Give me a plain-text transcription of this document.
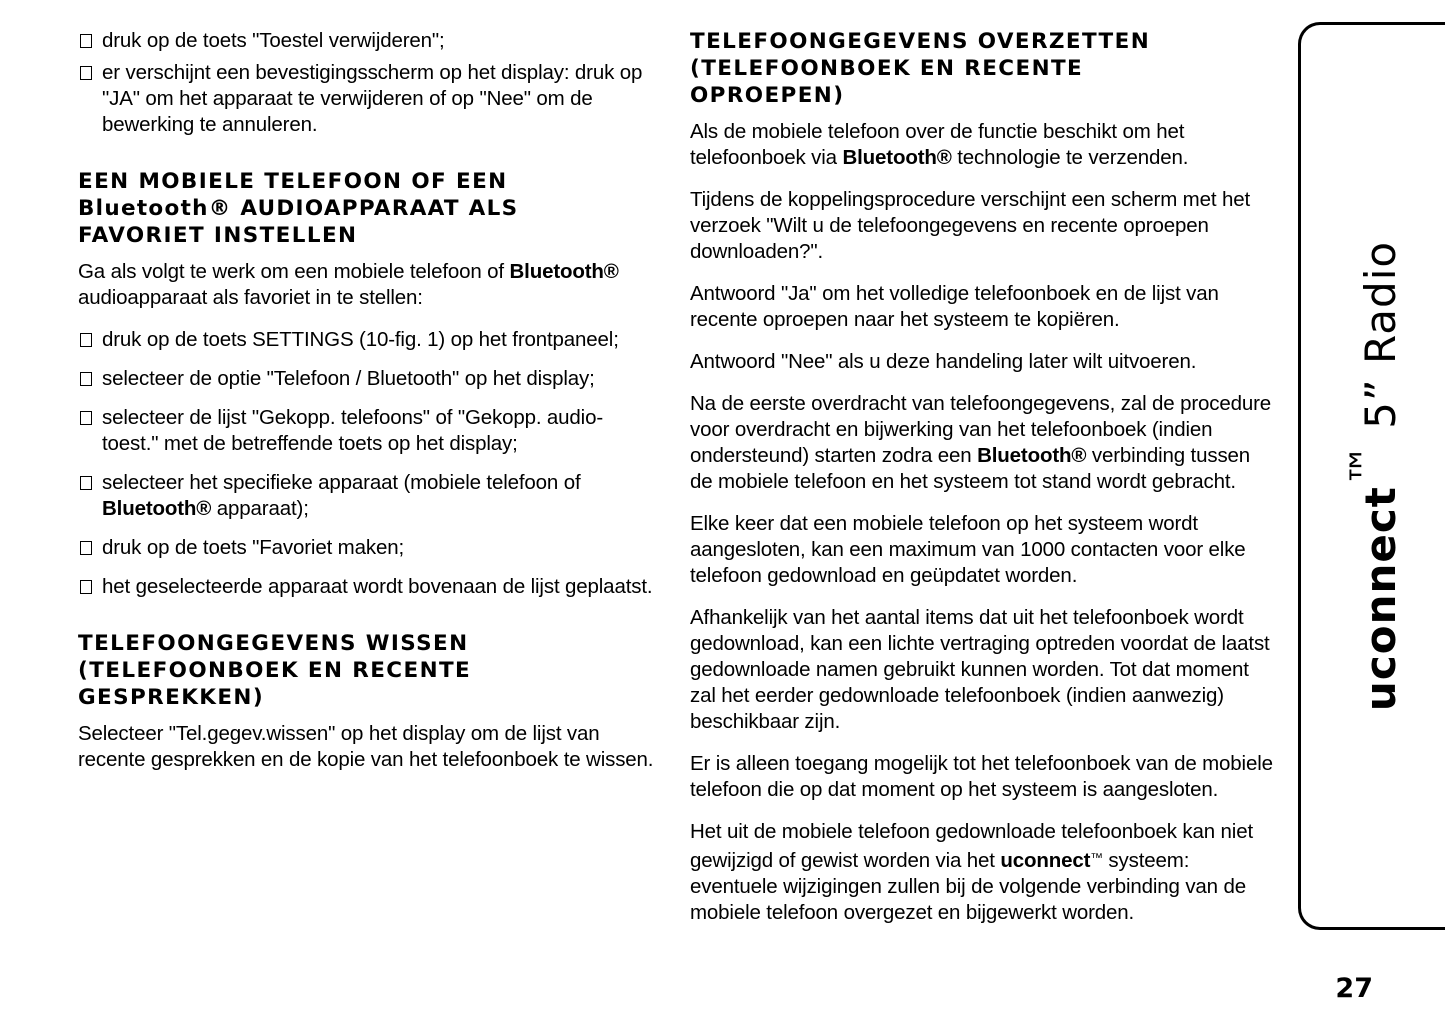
druk op de toets "Toestel verwijderen";
er verschijnt een bevestigingsscherm op het display: druk op "JA" om het apparaat te verwijderen of op "Nee" om de bewerking te annuleren.
EEN MOBIELE TELEFOON OF EEN
Bluetooth® AUDIOAPPARAAT ALS
FAVORIET INSTELLEN

Ga als volgt te werk om een mobiele telefoon of Bluetooth® audioapparaat als favoriet in te stellen:

druk op de toets SETTINGS (10-fig. 1) op het frontpaneel;
selecteer de optie "Telefoon / Bluetooth" op het display;
selecteer de lijst "Gekopp. telefoons" of "Gekopp. audio-toest." met de betreffende toets op het display;
selecteer het specifieke apparaat (mobiele telefoon of Bluetooth® apparaat);
druk op de toets "Favoriet maken;
het geselecteerde apparaat wordt bovenaan de lijst geplaatst.
TELEFOONGEGEVENS WISSEN
(TELEFOONBOEK EN RECENTE
GESPREKKEN)

Selecteer "Tel.gegev.wissen" op het display om de lijst van recente gesprekken en de kopie van het telefoonboek te wissen.

TELEFOONGEGEVENS OVERZETTEN
(TELEFOONBOEK EN RECENTE
OPROEPEN)

Als de mobiele telefoon over de functie beschikt om het telefoonboek via Bluetooth® technologie te verzenden.

Tijdens de koppelingsprocedure verschijnt een scherm met het verzoek "Wilt u de telefoongegevens en recente oproepen downloaden?".

Antwoord "Ja" om het volledige telefoonboek en de lijst van recente oproepen naar het systeem te kopiëren.

Antwoord "Nee" als u deze handeling later wilt uitvoeren.

Na de eerste overdracht van telefoongegevens, zal de procedure voor overdracht en bijwerking van het telefoonboek (indien ondersteund) starten zodra een Bluetooth® verbinding tussen de mobiele telefoon en het systeem tot stand wordt gebracht.

Elke keer dat een mobiele telefoon op het systeem wordt aangesloten, kan een maximum van 1000 contacten voor elke telefoon gedownload en geüpdatet worden.

Afhankelijk van het aantal items dat uit het telefoonboek wordt gedownload, kan een lichte vertraging optreden voordat de laatst gedownloade namen gebruikt kunnen worden. Tot dat moment zal het eerder gedownloade telefoonboek (indien aanwezig) beschikbaar zijn.

Er is alleen toegang mogelijk tot het telefoonboek van de mobiele telefoon die op dat moment op het systeem is aangesloten.

Het uit de mobiele telefoon gedownloade telefoonboek kan niet gewijzigd of gewist worden via het uconnect™ systeem: eventuele wijzigingen zullen bij de volgende verbinding van de mobiele telefoon overgezet en bijgewerkt worden.

uconnect™ 5” Radio
27
